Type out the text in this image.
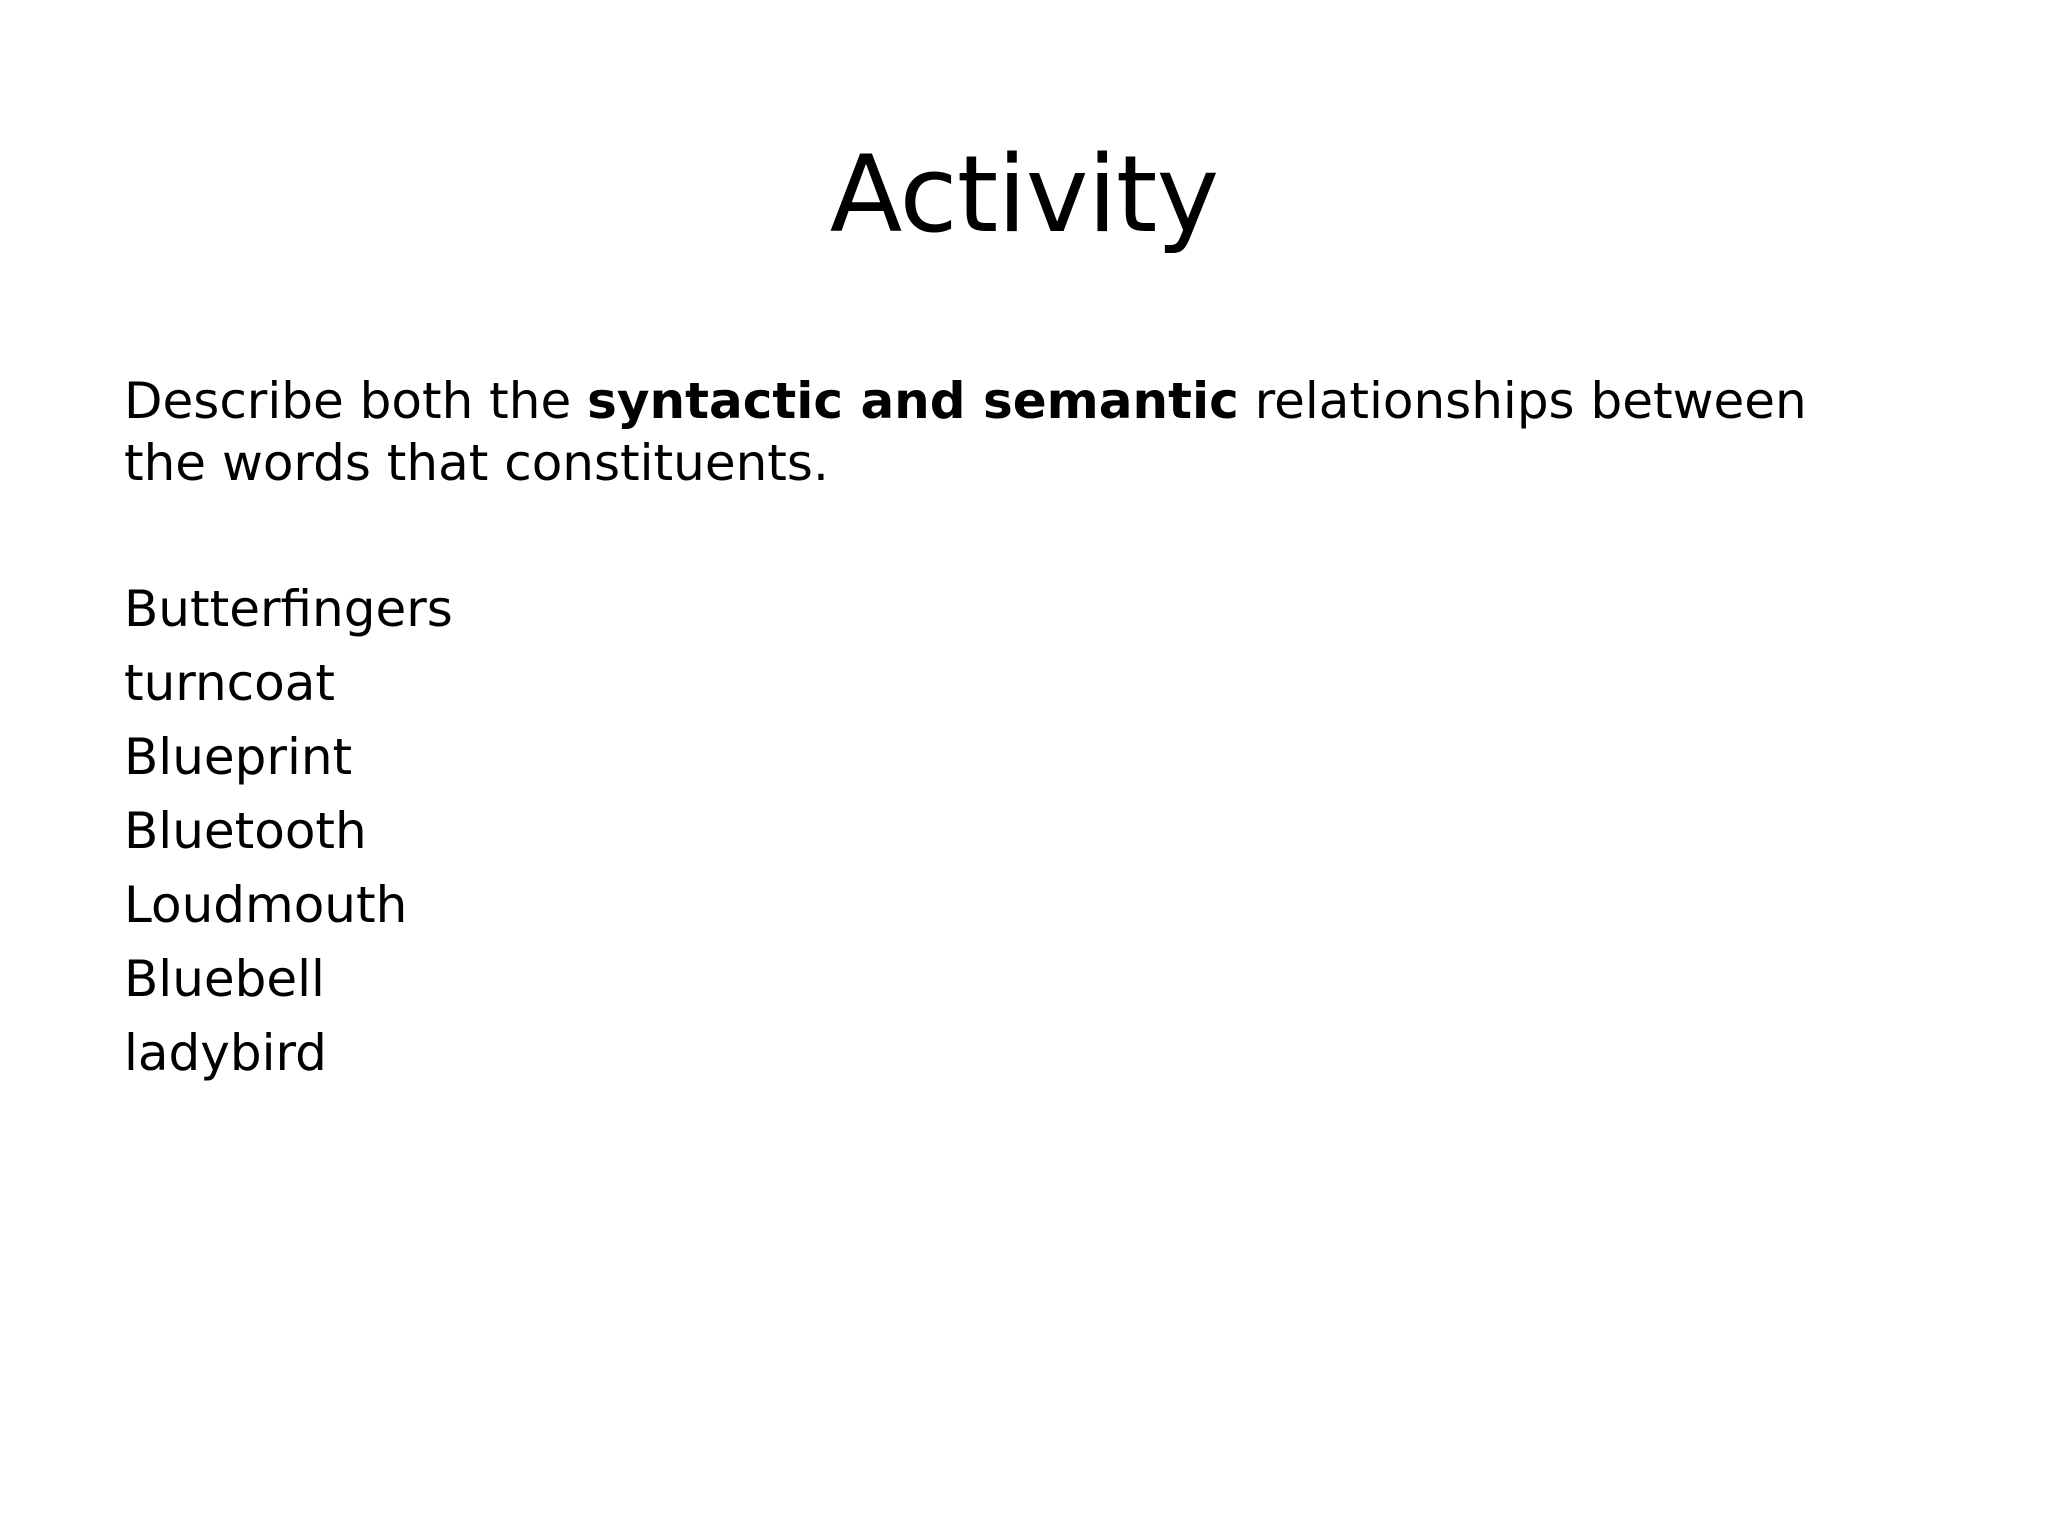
Activity

Describe both the syntactic and semantic relationships between the words that constituents.

Butterfingers
turncoat
Blueprint
Bluetooth
Loudmouth
Bluebell
ladybird
